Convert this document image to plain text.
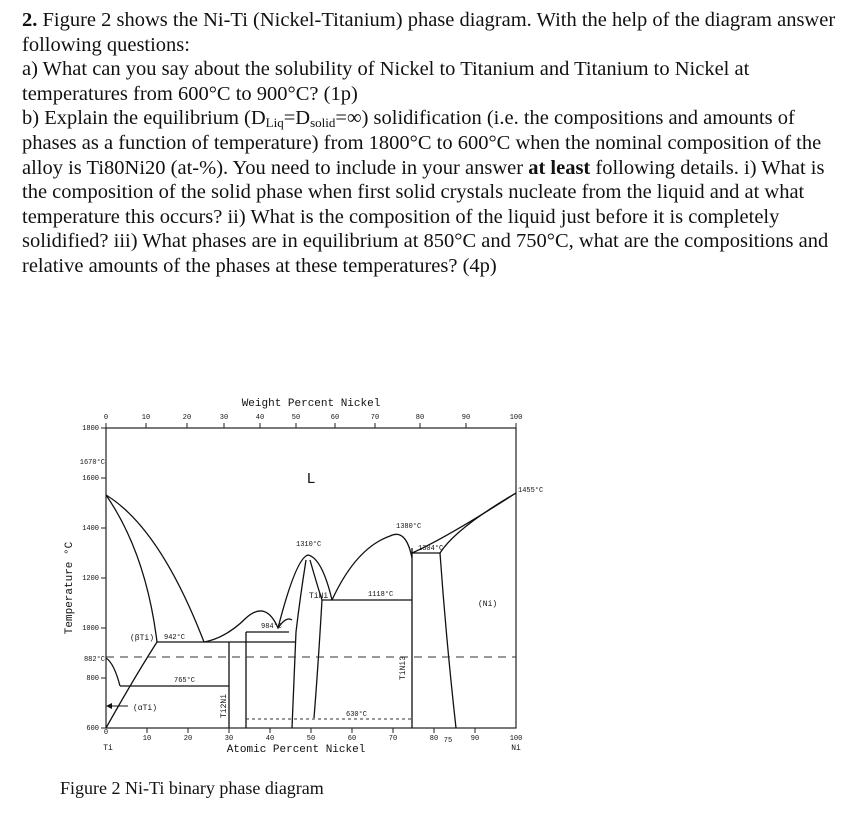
2. Figure 2 shows the Ni-Ti (Nickel-Titanium) phase diagram. With the help of the diagram answer following questions:

a) What can you say about the solubility of Nickel to Titanium and Titanium to Nickel at temperatures from 600°C to 900°C? (1p)

b) Explain the equilibrium $(D_{Liq}=D_{solid}=\infty)$ solidification (i.e. the compositions and amounts of phases as a function of temperature) from 1800°C to 600°C when the nominal composition of the alloy is Ti80Ni20 (at-%). You need to include in your answer at least following details. i) What is the composition of the solid phase when first solid crystals nucleate from the liquid and at what temperature this occurs? ii) What is the composition of the liquid just before it is completely solidified? iii) What phases are in equilibrium at 850°C and 750°C, what are the compositions and relative amounts of the phases at these temperatures? (4p)

Weight Percent Nickel
Atomic Percent Nickel
Temperature °C
0	10	20	30	40	50	60	70	80	90	100
0
10	20	30	40	50	60	70	80	90	100
75
Ti	Ni
1800
1600
1400
1200
1000
800
600
1670°C
882°C
L
(βTi)
(αTi)
(Ni)
TiNi
TiNi3
Ti2Ni
942°C
765°C
984°C
1310°C
1380°C
1304°C
1118°C
1455°C
630°C
Figure 2 Ni-Ti binary phase diagram
